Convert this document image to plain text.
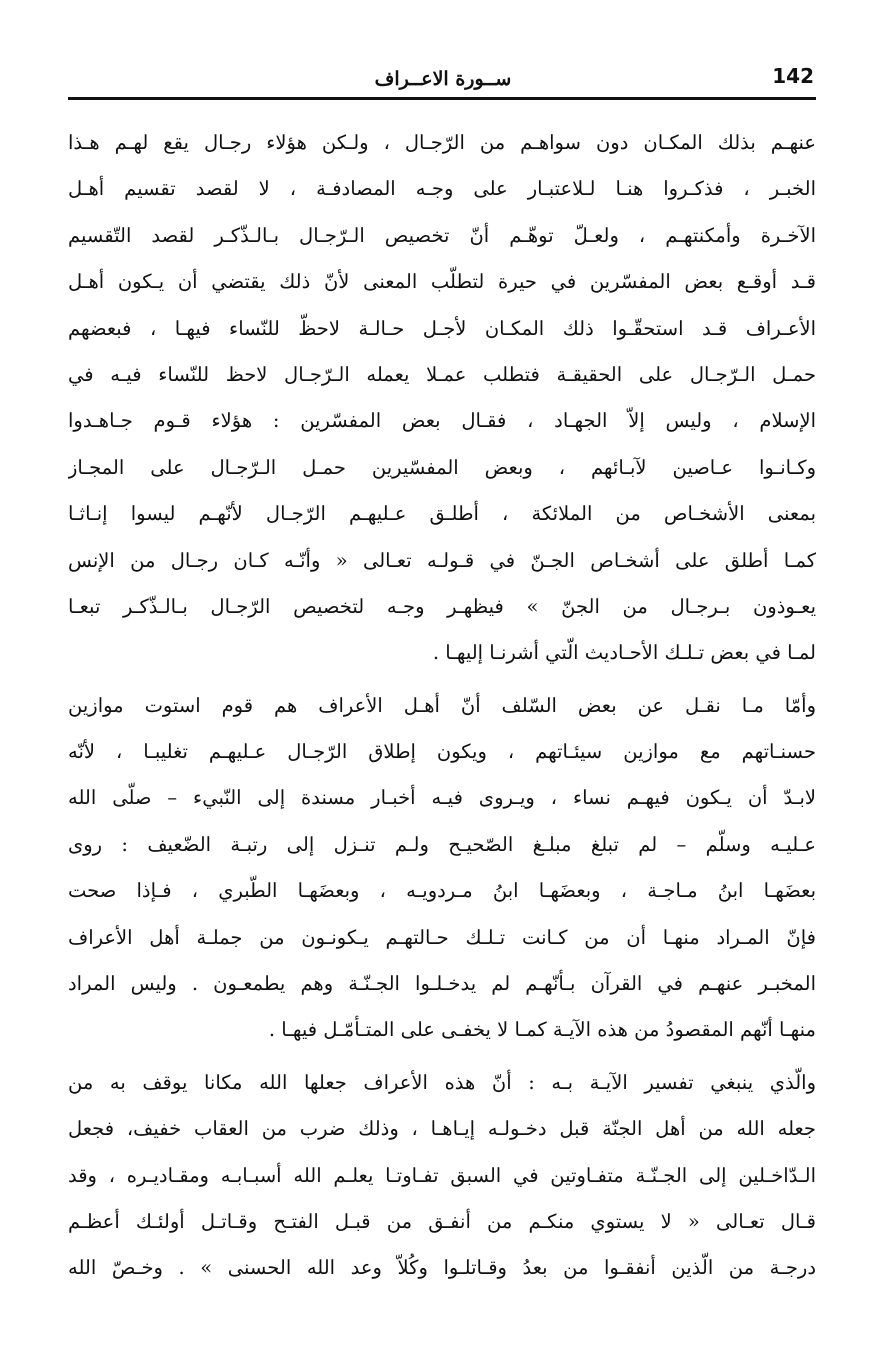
142
ســورة الاعــراف
عنهـم بذلك المكـان دون سواهـم من الرّجـال ، ولـكن هؤلاء رجـال يقع لهـم هـذا
الخبـر ، فذكـروا هنـا لـلاعتبـار على وجـه المصادفـة ، لا لقصد تقسيم أهـل
الآخـرة وأمكنتهـم ، ولعـلّ توهّـم أنّ تخصيص الـرّجـال بـالـذّكـر لقصد التّقسيم
قـد أوقـع بعض المفسّرين في حيرة لتطلّب المعنى لأنّ ذلك يقتضي أن يـكون أهـل
الأعـراف قـد استحقّـوا ذلك المكـان لأجـل حـالـة لاحظّ للنّساء فيهـا ، فبعضهم
حمـل الـرّجـال على الحقيقـة فتطلب عمـلا يعمله الـرّجـال لاحظ للنّساء فيـه في
الإسلام ، وليس إلاّ الجهـاد ، فقـال بعض المفسّرين : هؤلاء قـوم جـاهـدوا
وكـانـوا عـاصين لآبـائهم ، وبعض المفسّيرين حمـل الـرّجـال على المجـاز
بمعنى الأشخـاص من الملائكة ، أطلـق عـليهـم الرّجـال لأنّهـم ليسوا إنـاثـا
كمـا أطلق على أشخـاص الجـنّ في قـولـه تعـالى « وأنّـه كـان رجـال من الإنس
يعـوذون بـرجـال من الجنّ » فيظهـر وجـه لتخصيص الرّجـال بـالـذّكـر تبعـا
لمـا في بعض تـلـك الأحـاديث الّتي أشرنـا إليهـا .
وأمّا مـا نقـل عن بعض السّلف أنّ أهـل الأعراف هم قوم استوت موازين
حسنـاتهم مع موازين سيئـاتهم ، ويكون إطلاق الرّجـال عـليهـم تغليبـا ، لأنّه
لابـدّ أن يـكون فيهـم نساء ، ويـروى فيـه أخبـار مسندة إلى النّبيء – صلّى الله
عـليـه وسلّم – لم تبلغ مبلـغ الصّحيـح ولـم تنـزل إلى رتبـة الضّعيف : روى
بعضَهـا ابنُ مـاجـة ، وبعضَهـا ابنُ مـردويـه ، وبعضَهـا الطّبري ، فـإذا صحت
فإنّ المـراد منهـا أن من كـانت تـلـك حـالتهـم يـكونـون من جملـة أهل الأعراف
المخبـر عنهـم في القرآن بـأنّهـم لم يدخـلـوا الجـنّـة وهم يطمعـون . وليس المراد
منهـا أنّهم المقصودُ من هذه الآيـة كمـا لا يخفـى على المتـأمّـل فيهـا .
والّذي ينبغي تفسير الآيـة بـه : أنّ هذه الأعراف جعلها الله مكانا يوقف به من
جعله الله من أهل الجنّة قبل دخـولـه إيـاهـا ، وذلك ضرب من العقاب خفيف، فجعل
الـدّاخـلين إلى الجـنّـة متفـاوتين في السبق تفـاوتـا يعلـم الله أسبـابـه ومقـاديـره ، وقد
قـال تعـالى « لا يستوي منكـم من أنفـق من قبـل الفتـح وقـاتـل أولئـك أعظـم
درجـة من الّذين أنفقـوا من بعدُ وقـاتلـوا وكُلاّ وعد الله الحسنى » . وخـصّ الله
